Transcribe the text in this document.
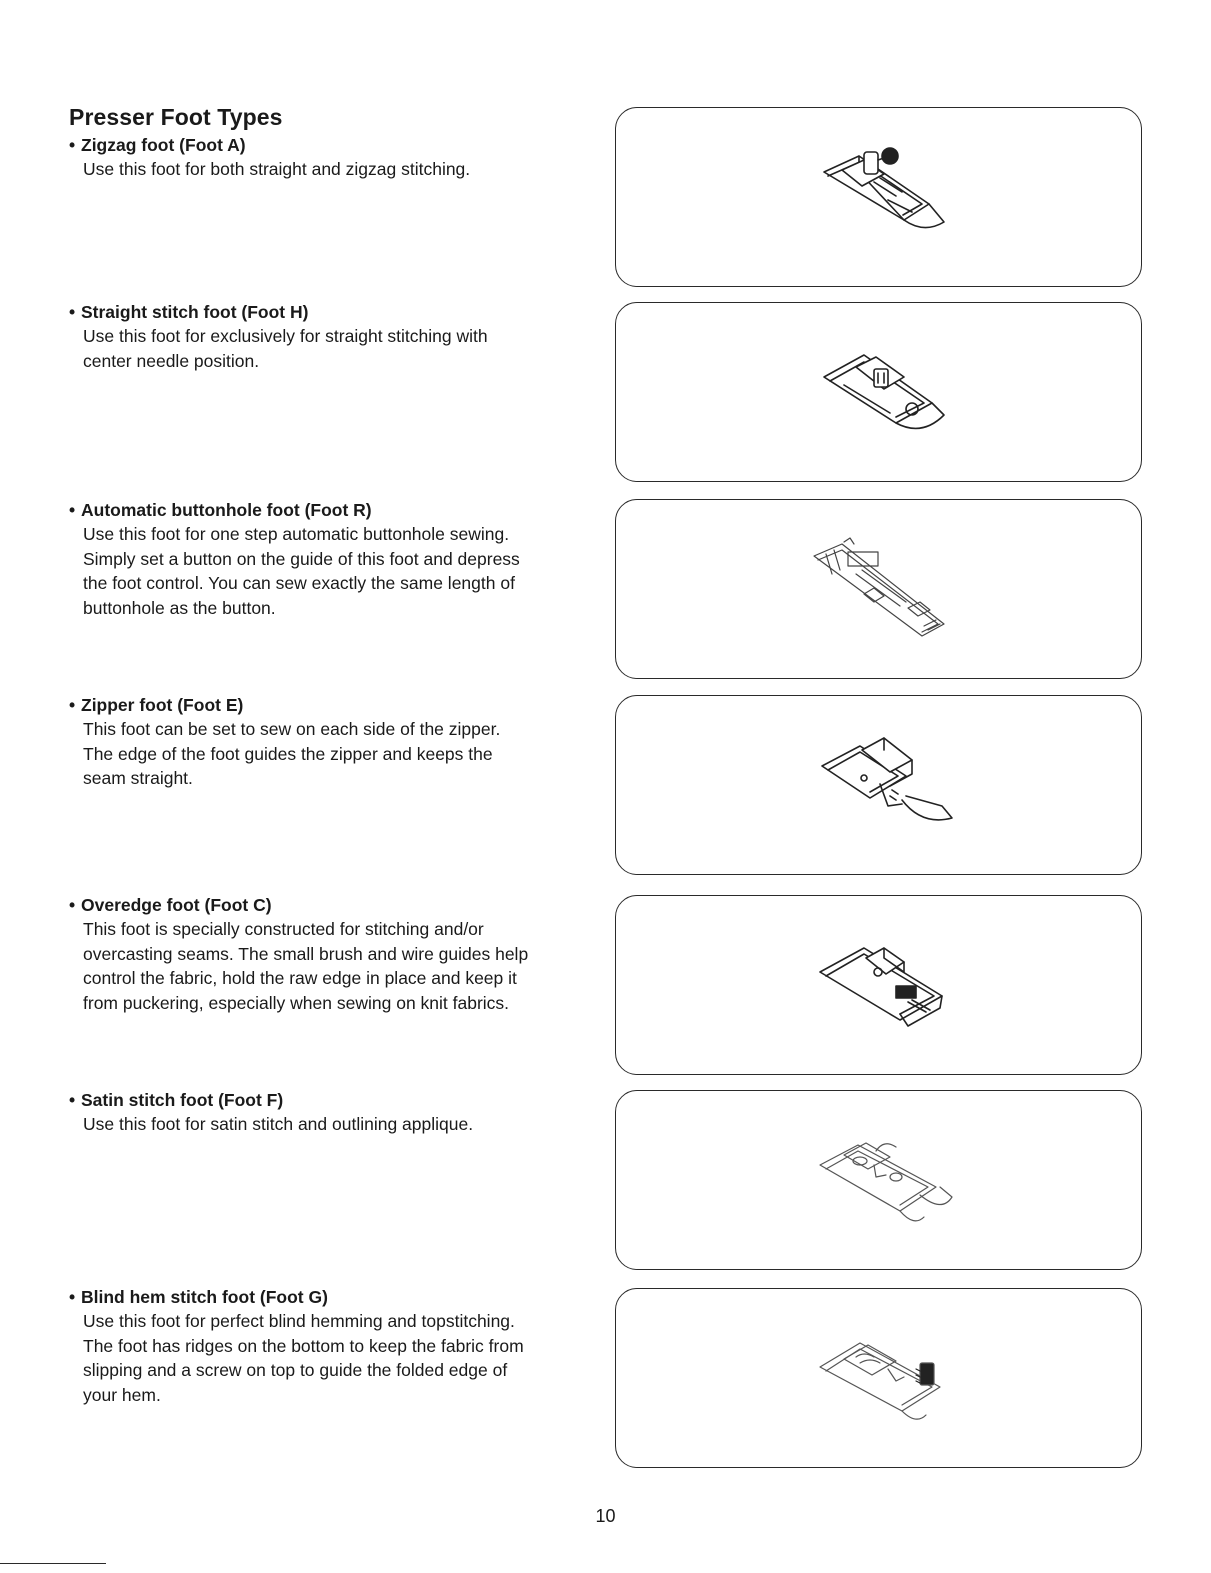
Presser Foot Types
• Zigzag foot (Foot A)
Use this foot for both straight and zigzag stitching.
• Straight stitch foot (Foot H)
Use this foot for exclusively for straight stitching with
center needle position.
• Automatic buttonhole foot (Foot R)
Use this foot for one step automatic buttonhole sewing.
Simply set a button on the guide of this foot and depress
the foot control. You can sew exactly the same length of
buttonhole as the button.
• Zipper foot (Foot E)
This foot can be set to sew on each side of the zipper.
The edge of the foot guides the zipper and keeps the
seam straight.
• Overedge foot (Foot C)
This foot is specially constructed for stitching and/or
overcasting seams. The small brush and wire guides help
control the fabric, hold the raw edge in place and keep it
from puckering, especially when sewing on knit fabrics.
• Satin stitch foot (Foot F)
Use this foot for satin stitch and outlining applique.
• Blind hem stitch foot (Foot G)
Use this foot for perfect blind hemming and topstitching.
The foot has ridges on the bottom to keep the fabric from
slipping and a screw on top to guide the folded edge of
your hem.
10
